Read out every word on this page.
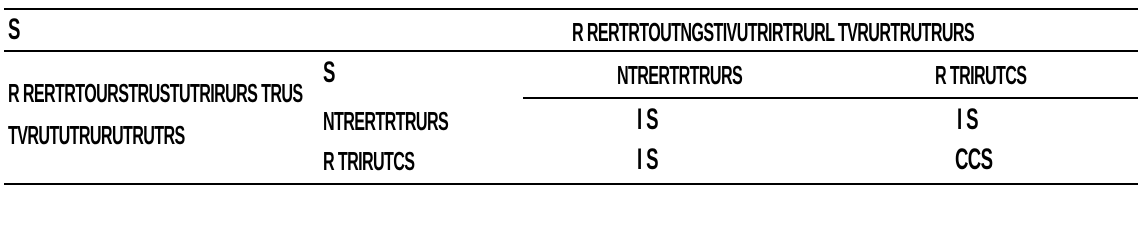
S	R RERTRTOUTNGSTIVUTRIRTRURL TVRURTRUTRURS
R RERTRTOURSTRUSTUTRIRURS TRUS
TVRUTUTRURUTRUTRS
S	NTRERTRTRURS	R TRIRUTCS
NTRERTRTRURS	I S	I S
R TRIRUTCS	I S	CCS
